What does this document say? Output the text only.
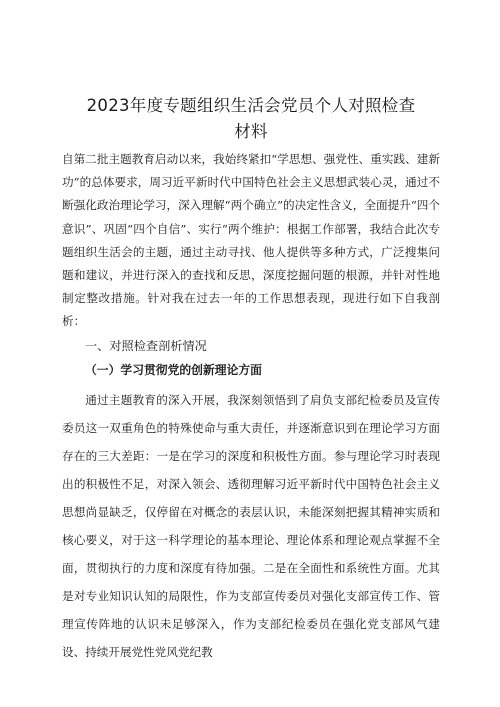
2023年度专题组织生活会党员个人对照检查
材料

自第二批主题教育启动以来，我始终紧扣“学思想、强党性、重实践、建新功”的总体要求，周习近平新时代中国特色社会主义思想武装心灵，通过不断强化政治理论学习，深入理解“两个确立”的决定性含义，全面提升“四个意识”、巩固“四个自信”、实行“两个维护：根据工作部署，我结合此次专题组织生活会的主题，通过主动寻找、他人提供等多种方式，广泛搜集问题和建议，并进行深入的查找和反思，深度挖掘问题的根源，并针对性地制定整改措施。针对我在过去一年的工作思想表现，现进行如下自我剖析：

一、对照检查剖析情况
（一）学习贯彻党的创新理论方面

通过主题教育的深入开展，我深刻领悟到了肩负支部纪检委员及宣传委员这一双重角色的特殊使命与重大责任，并逐渐意识到在理论学习方面存在的三大差距：一是在学习的深度和积极性方面。参与理论学习时表现出的积极性不足，对深入领会、透彻理解习近平新时代中国特色社会主义思想尚显缺乏，仅停留在对概念的表层认识，未能深刻把握其精神实质和核心要义，对于这一科学理论的基本理论、理论体系和理论观点掌握不全面，贯彻执行的力度和深度有待加强。二是在全面性和系统性方面。尤其是对专业知识认知的局限性，作为支部宣传委员对强化支部宣传工作、管理宣传阵地的认识未足够深入，作为支部纪检委员在强化党支部风气建设、持续开展党性党风党纪教
